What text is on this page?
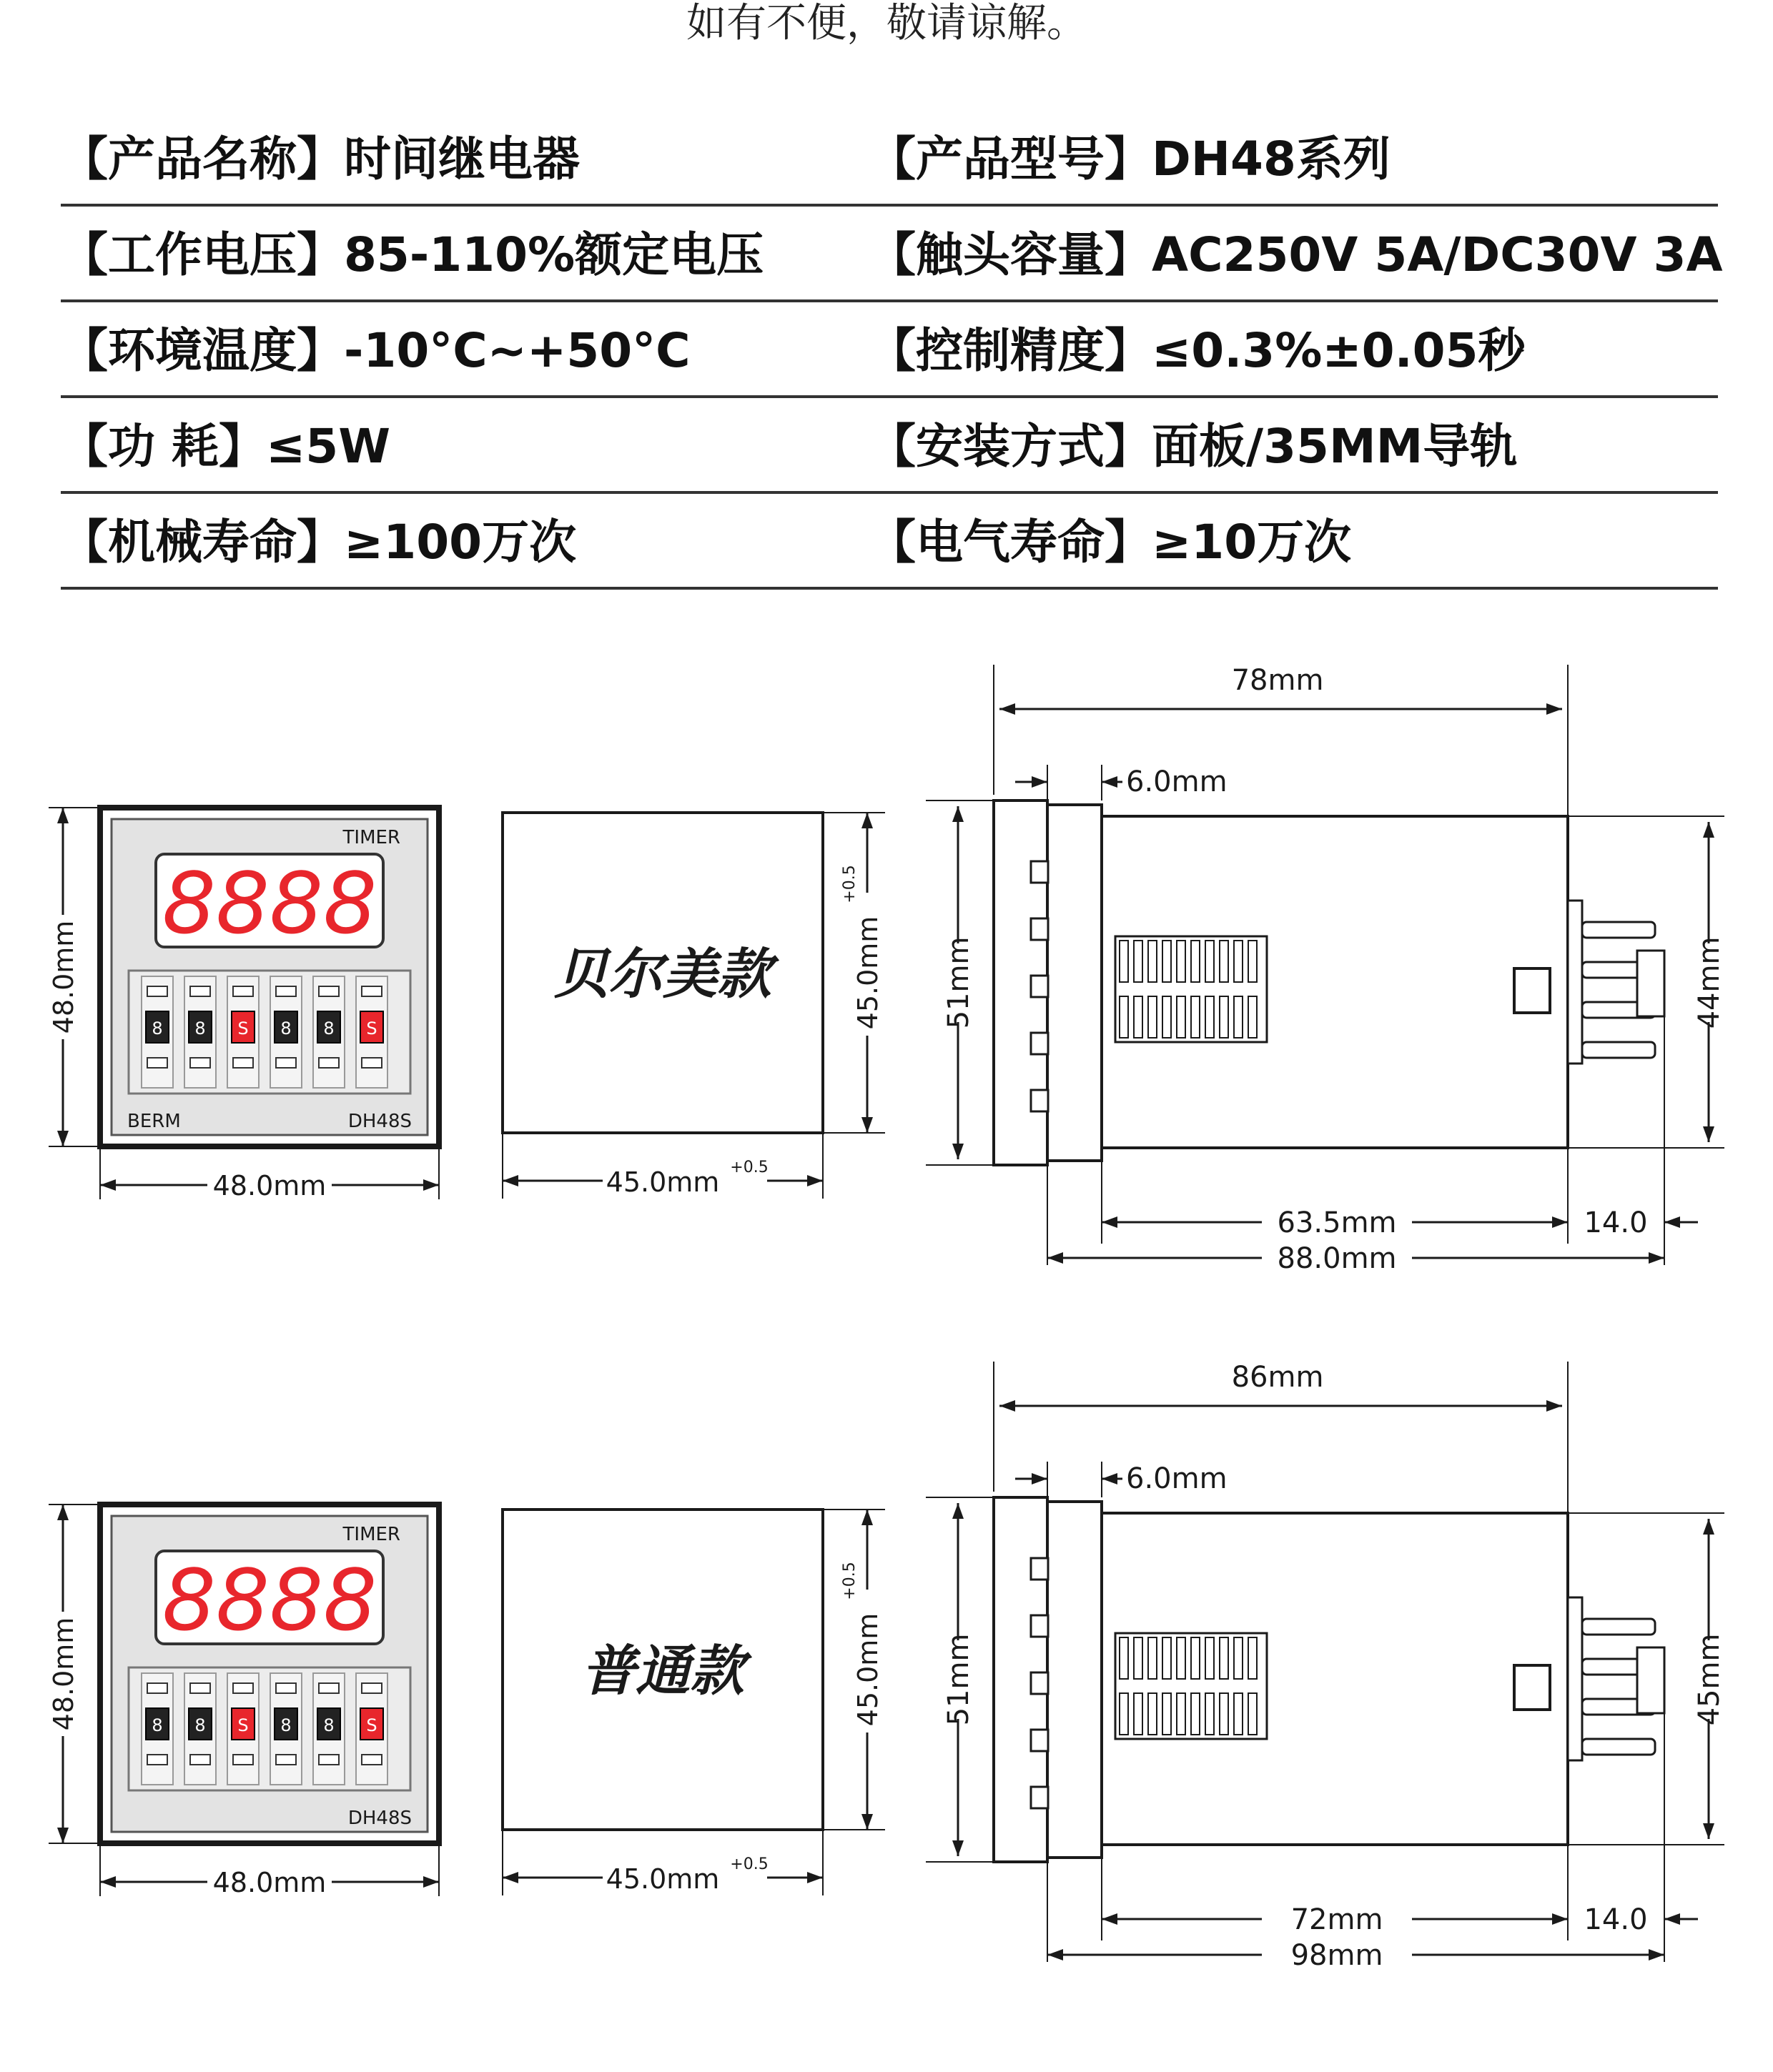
如有不便，敬请谅解。
【产品名称】时间继电器	【产品型号】DH48系列
【工作电压】85-110%额定电压 【触头容量】AC250V 5A/DC30V 3A
【环境温度】-10°C~+50°C	【控制精度】≤0.3%±0.05秒
【功 耗】≤5W	【安装方式】面板/35MM导轨
【机械寿命】≥100万次	【电气寿命】≥10万次
TIMER
8888
8 8 S 8 8 S
BERM	DH48S
48.0mm
48.0mm	贝尔美款
45.0mm +0.5
45.0mm
+0.5
78mm
6.0mm
51mm	44mm
63.5mm	14.0
88.0mm
TIMER
8888
8 8 S 8 8 S
DH48S
48.0mm
48.0mm	普通款
45.0mm +0.5
45.0mm
+0.5
86mm
6.0mm
51mm	45mm
72mm	14.0
98mm
